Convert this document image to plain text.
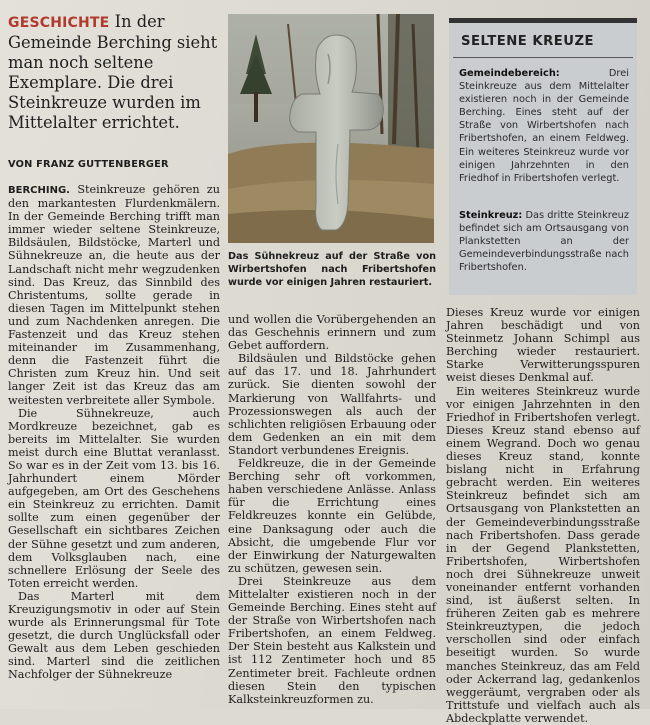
GESCHICHTE In der Gemeinde Berching sieht man noch seltene Exemplare. Die drei Steinkreuze wurden im Mittelalter errichtet.
VON FRANZ GUTTENBERGER

BERCHING. Steinkreuze gehören zu den markantesten Flurdenkmälern. In der Gemeinde Berching trifft man immer wieder seltene Steinkreuze, Bildsäulen, Bildstöcke, Marterl und Sühnekreuze an, die heute aus der Landschaft nicht mehr wegzudenken sind. Das Kreuz, das Sinnbild des Christentums, sollte gerade in diesen Tagen im Mittelpunkt stehen und zum Nachdenken anregen. Die Fastenzeit und das Kreuz stehen miteinander im Zusammenhang, denn die Fastenzeit führt die Christen zum Kreuz hin. Und seit langer Zeit ist das Kreuz das am weitesten verbreitete aller Symbole.

Die Sühnekreuze, auch Mordkreuze bezeichnet, gab es bereits im Mittelalter. Sie wurden meist durch eine Bluttat veranlasst. So war es in der Zeit vom 13. bis 16. Jahrhundert einem Mörder aufgegeben, am Ort des Geschehens ein Steinkreuz zu errichten. Damit sollte zum einen gegenüber der Gesellschaft ein sichtbares Zeichen der Sühne gesetzt und zum anderen, dem Volksglauben nach, eine schnellere Erlösung der Seele des Toten erreicht werden.

Das Marterl mit dem Kreuzigungsmotiv in oder auf Stein wurde als Erinnerungsmal für Tote gesetzt, die durch Unglücksfall oder Gewalt aus dem Leben geschieden sind. Marterl sind die zeitlichen Nachfolger der Sühnekreuze

Das Sühnekreuz auf der Straße von Wirbertshofen nach Fribertshofen wurde vor einigen Jahren restauriert.

und wollen die Vorübergehenden an das Geschehnis erinnern und zum Gebet auffordern.

Bildsäulen und Bildstöcke gehen auf das 17. und 18. Jahrhundert zurück. Sie dienten sowohl der Markierung von Wallfahrts- und Prozessionswegen als auch der schlichten religiösen Erbauung oder dem Gedenken an ein mit dem Standort verbundenes Ereignis.

Feldkreuze, die in der Gemeinde Berching sehr oft vorkommen, haben verschiedene Anlässe. Anlass für die Errichtung eines Feldkreuzes konnte ein Gelübde, eine Danksagung oder auch die Absicht, die umgebende Flur vor der Einwirkung der Naturgewalten zu schützen, gewesen sein.

Drei Steinkreuze aus dem Mittelalter existieren noch in der Gemeinde Berching. Eines steht auf der Straße von Wirbertshofen nach Fribertshofen, an einem Feldweg. Der Stein besteht aus Kalkstein und ist 112 Zentimeter hoch und 85 Zentimeter breit. Fachleute ordnen diesen Stein den typischen Kalksteinkreuzformen zu.

SELTENE KREUZE
Gemeindebereich:	Drei Steinkreuze aus dem Mittelalter existieren noch in der Gemeinde Berching. Eines steht auf der Straße von Wirbertshofen nach Fribertshofen, an einem Feldweg. Ein weiteres Steinkreuz wurde vor einigen Jahrzehnten in den Friedhof in Fribertshofen verlegt.
Steinkreuz: Das dritte Steinkreuz befindet sich am Ortsausgang von Plankstetten an der Gemeindeverbindungsstraße nach Fribertshofen.

Dieses Kreuz wurde vor einigen Jahren beschädigt und von Steinmetz Johann Schimpl aus Berching wieder restauriert. Starke Verwitterungsspuren weist dieses Denkmal auf.

Ein weiteres Steinkreuz wurde vor einigen Jahrzehnten in den Friedhof in Fribertshofen verlegt. Dieses Kreuz stand ebenso auf einem Wegrand. Doch wo genau dieses Kreuz stand, konnte bislang nicht in Erfahrung gebracht werden. Ein weiteres Steinkreuz befindet sich am Ortsausgang von Plankstetten an der Gemeindeverbindungsstraße nach Fribertshofen. Dass gerade in der Gegend Plankstetten, Fribertshofen, Wirbertshofen noch drei Sühnekreuze unweit voneinander entfernt vorhanden sind, ist äußerst selten. In früheren Zeiten gab es mehrere Steinkreuztypen, die jedoch verschollen sind oder einfach beseitigt wurden. So wurde manches Steinkreuz, das am Feld oder Ackerrand lag, gedankenlos weggeräumt, vergraben oder als Trittstufe und vielfach auch als Abdeckplatte verwendet.
